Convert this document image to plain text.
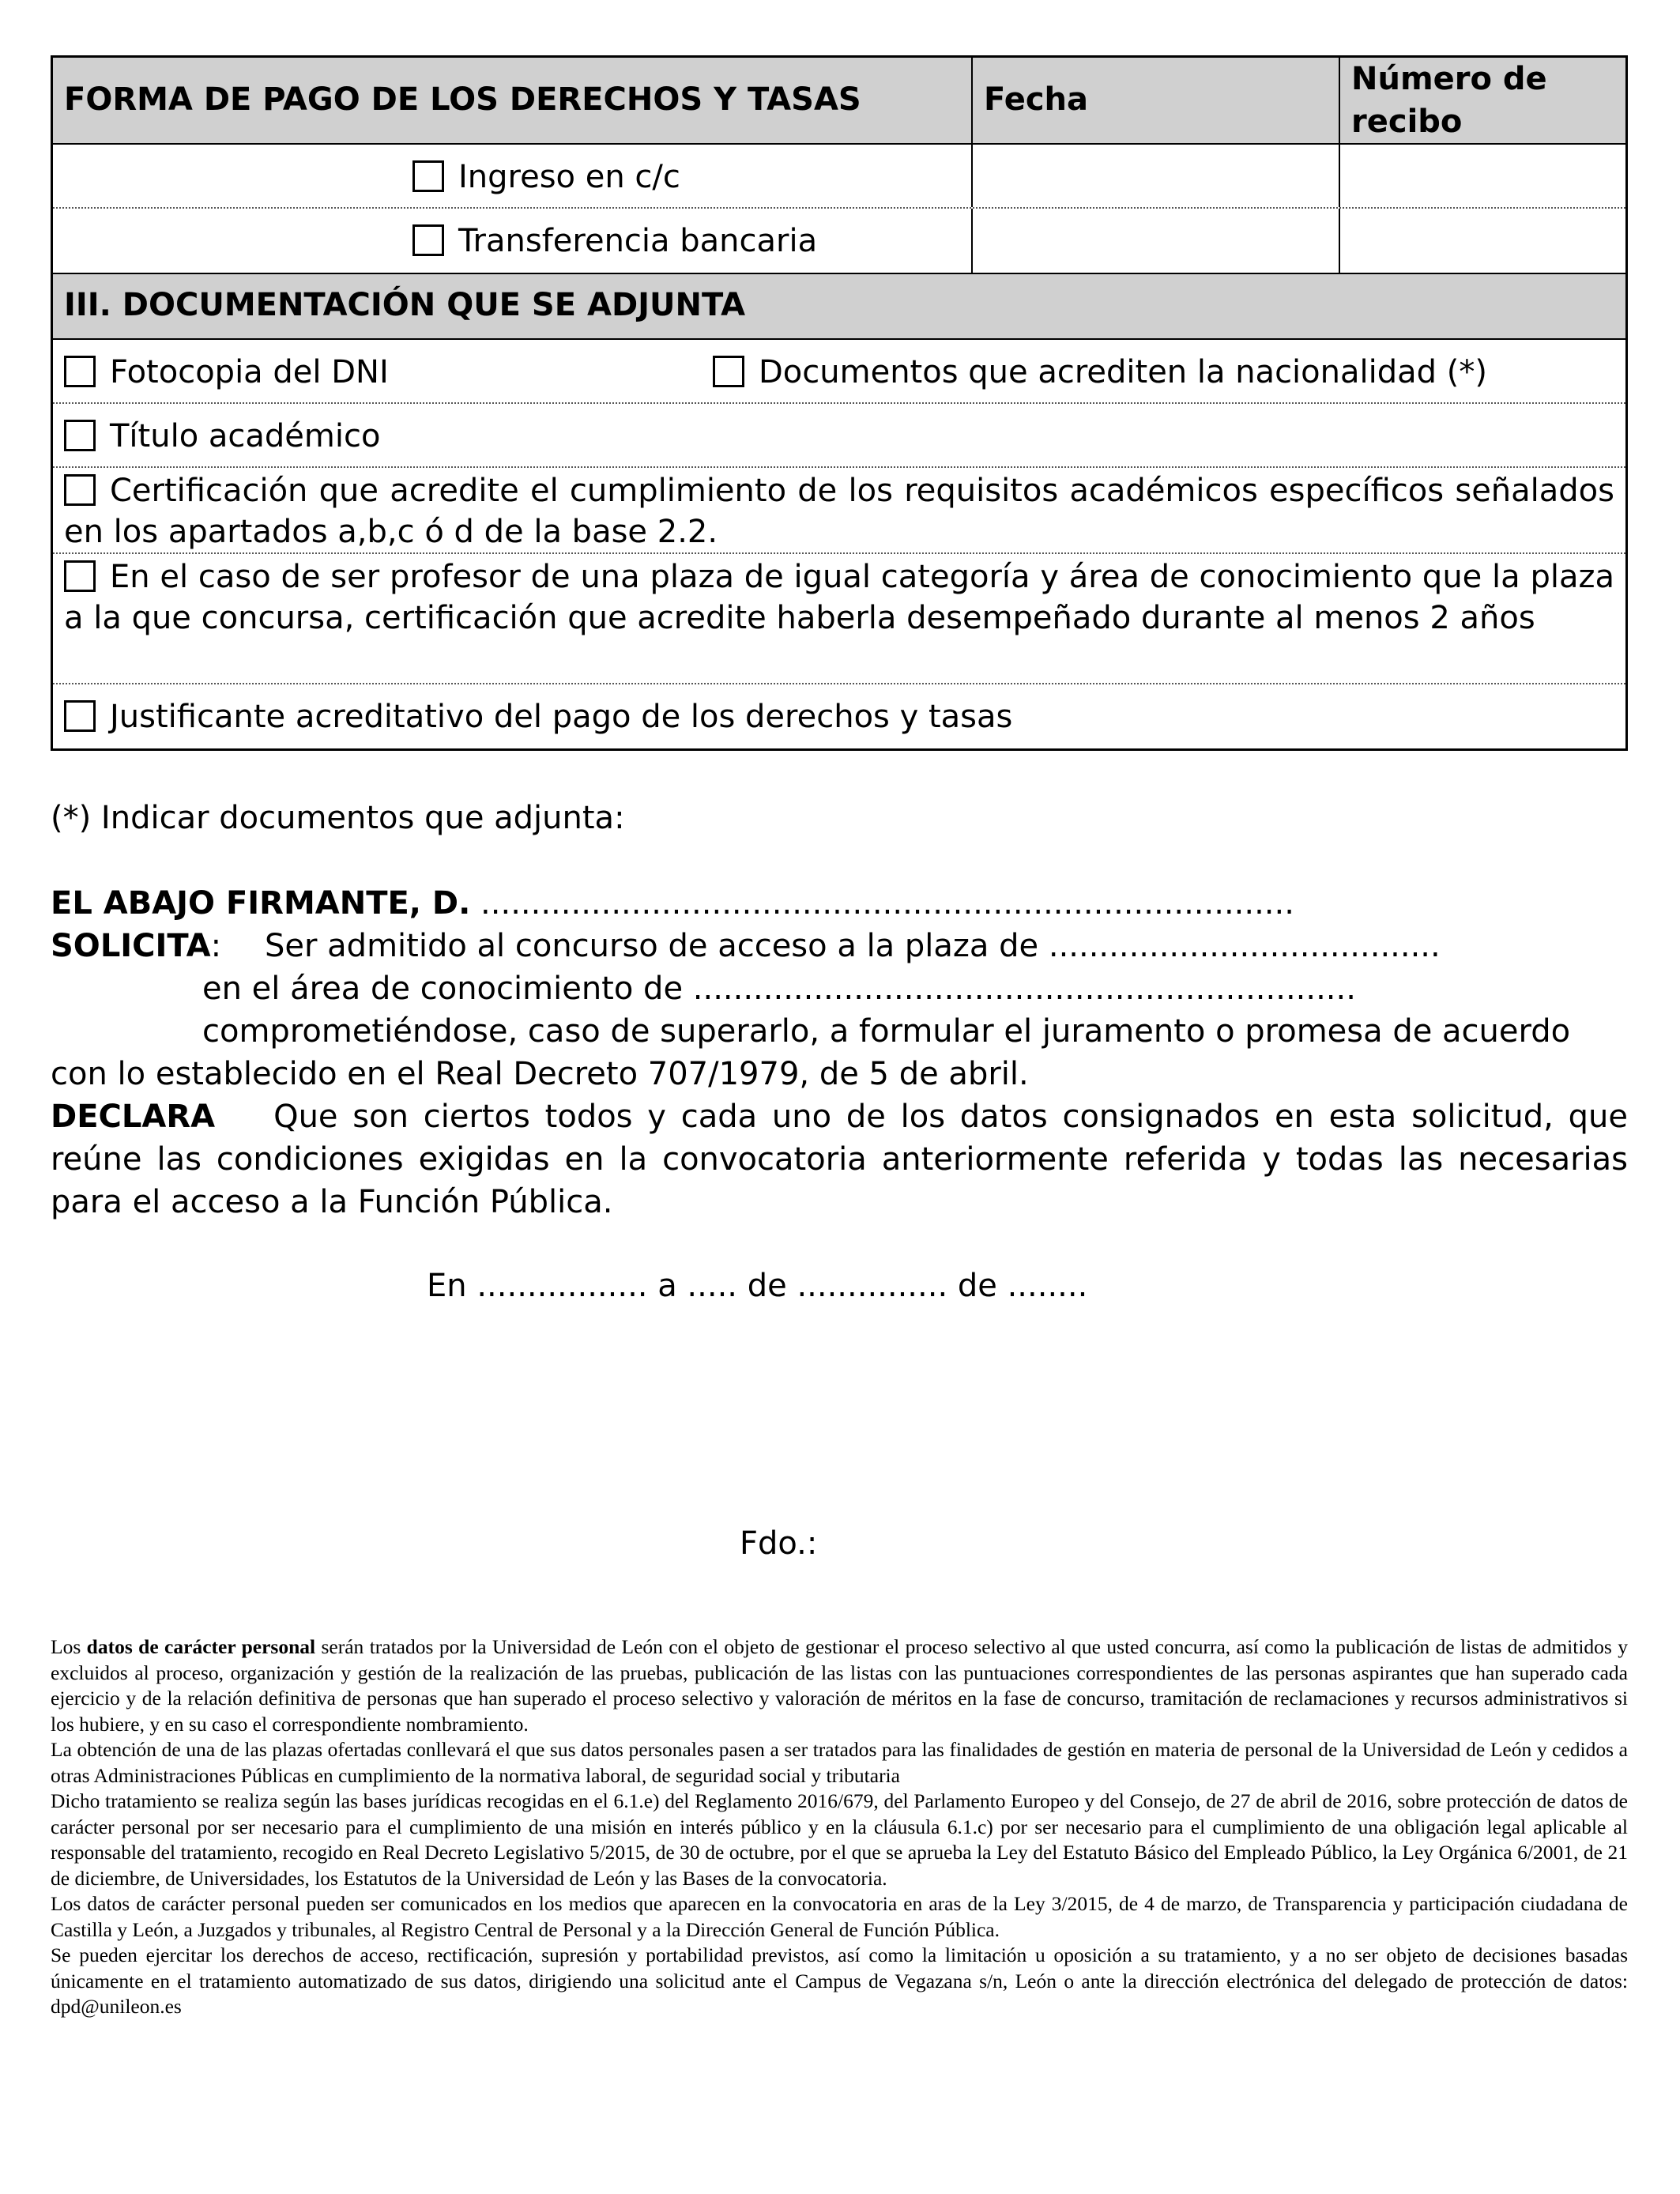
FORMA DE PAGO DE LOS DERECHOS Y TASAS	Fecha
Número de recibo
Ingreso en c/c
Transferencia bancaria
III. DOCUMENTACIÓN QUE SE ADJUNTA
Fotocopia del DNI	Documentos que acrediten la nacionalidad (*)
Título académico
Certificación que acredite el cumplimiento de los requisitos académicos específicos señalados en los apartados a,b,c ó d de la base 2.2.
En el caso de ser profesor de una plaza de igual categoría y área de conocimiento que la plaza a la que concursa, certificación que acredite haberla desempeñado durante al menos 2 años
Justificante acreditativo del pago de los derechos y tasas
(*) Indicar documentos que adjunta:
EL ABAJO FIRMANTE, D. .................................................................................
SOLICITA: Ser admitido al concurso de acceso a la plaza de .......................................
en el área de conocimiento de ..................................................................
comprometiéndose, caso de superarlo, a formular el juramento o promesa de acuerdo
con lo establecido en el Real Decreto 707/1979, de 5 de abril.
DECLARA Que son ciertos todos y cada uno de los datos consignados en esta solicitud, que reúne las condiciones exigidas en la convocatoria anteriormente referida y todas las necesarias para el acceso a la Función Pública.
En ................. a ..... de ............... de ........
Fdo.:

Los datos de carácter personal serán tratados por la Universidad de León con el objeto de gestionar el proceso selectivo al que usted concurra, así como la publicación de listas de admitidos y excluidos al proceso, organización y gestión de la realización de las pruebas, publicación de las listas con las puntuaciones correspondientes de las personas aspirantes que han superado cada ejercicio y de la relación definitiva de personas que han superado el proceso selectivo y valoración de méritos en la fase de concurso, tramitación de reclamaciones y recursos administrativos si los hubiere, y en su caso el correspondiente nombramiento.

La obtención de una de las plazas ofertadas conllevará el que sus datos personales pasen a ser tratados para las finalidades de gestión en materia de personal de la Universidad de León y cedidos a otras Administraciones Públicas en cumplimiento de la normativa laboral, de seguridad social y tributaria

Dicho tratamiento se realiza según las bases jurídicas recogidas en el 6.1.e) del Reglamento 2016/679, del Parlamento Europeo y del Consejo, de 27 de abril de 2016, sobre protección de datos de carácter personal por ser necesario para el cumplimiento de una misión en interés público y en la cláusula 6.1.c) por ser necesario para el cumplimiento de una obligación legal aplicable al responsable del tratamiento, recogido en Real Decreto Legislativo 5/2015, de 30 de octubre, por el que se aprueba la Ley del Estatuto Básico del Empleado Público, la Ley Orgánica 6/2001, de 21 de diciembre, de Universidades, los Estatutos de la Universidad de León y las Bases de la convocatoria.

Los datos de carácter personal pueden ser comunicados en los medios que aparecen en la convocatoria en aras de la Ley 3/2015, de 4 de marzo, de Transparencia y participación ciudadana de Castilla y León, a Juzgados y tribunales, al Registro Central de Personal y a la Dirección General de Función Pública.

Se pueden ejercitar los derechos de acceso, rectificación, supresión y portabilidad previstos, así como la limitación u oposición a su tratamiento, y a no ser objeto de decisiones basadas únicamente en el tratamiento automatizado de sus datos, dirigiendo una solicitud ante el Campus de Vegazana s/n, León o ante la dirección electrónica del delegado de protección de datos: dpd@unileon.es
